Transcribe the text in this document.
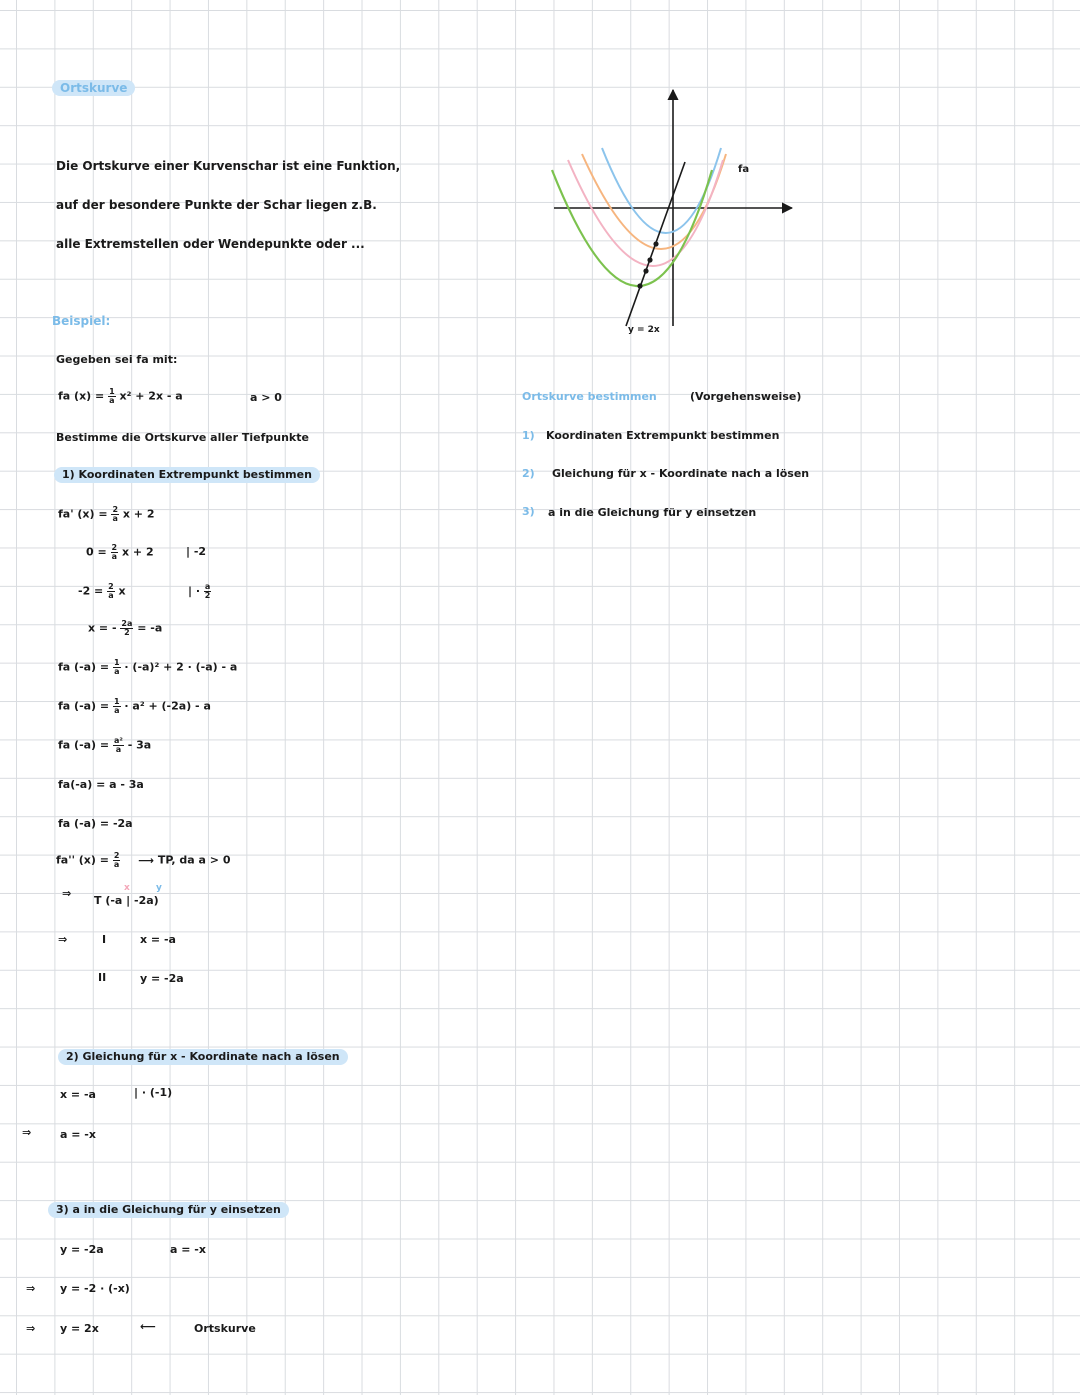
Ortskurve
Die Ortskurve einer Kurvenschar ist eine Funktion,
auf der besondere Punkte der Schar liegen z.B.
alle Extremstellen oder Wendepunkte oder ...
Beispiel:
Gegeben sei fa mit:
fa $(x) = \frac{1}{a} x^2 + 2x - a$	a > 0
Bestimme die Ortskurve aller Tiefpunkte
1) Koordinaten Extrempunkt bestimmen
fa' $(x) = \frac{2}{a}$ x + 2
$0 = \frac{2}{a}$ x + 2	| -2
$-2 = \frac{2}{a}$ x	| · $\frac{a}{2}$
x = - $\frac{2a}{2} = -a$
fa $(-a) = \frac{1}{a} \cdot (-a)^2 + 2 \cdot (-a) - a$
fa $(-a) = \frac{1}{a} \cdot a^2 + (-2a) - a$
fa $(-a) = \frac{\text{a²}}{a} - 3a$
fa(-a) = a - 3a
fa (-a) = -2a
fa'' $(x) = \frac{2}{a}$ ⟶ TP, da a > 0
⇒	x	y
T (-a | -2a)
⇒	I	x = -a
II	y = -2a
2) Gleichung für x - Koordinate nach a lösen
x = -a	| · (-1)
⇒	a = -x
3) a in die Gleichung für y einsetzen
y = -2a	a = -x
⇒ y = -2 · (-x)
⇒ y = 2x	⟵	Ortskurve
fa
y = 2x
Ortskurve bestimmen	(Vorgehensweise)
1) Koordinaten Extrempunkt bestimmen
2) Gleichung für x - Koordinate nach a lösen
3) a in die Gleichung für y einsetzen
